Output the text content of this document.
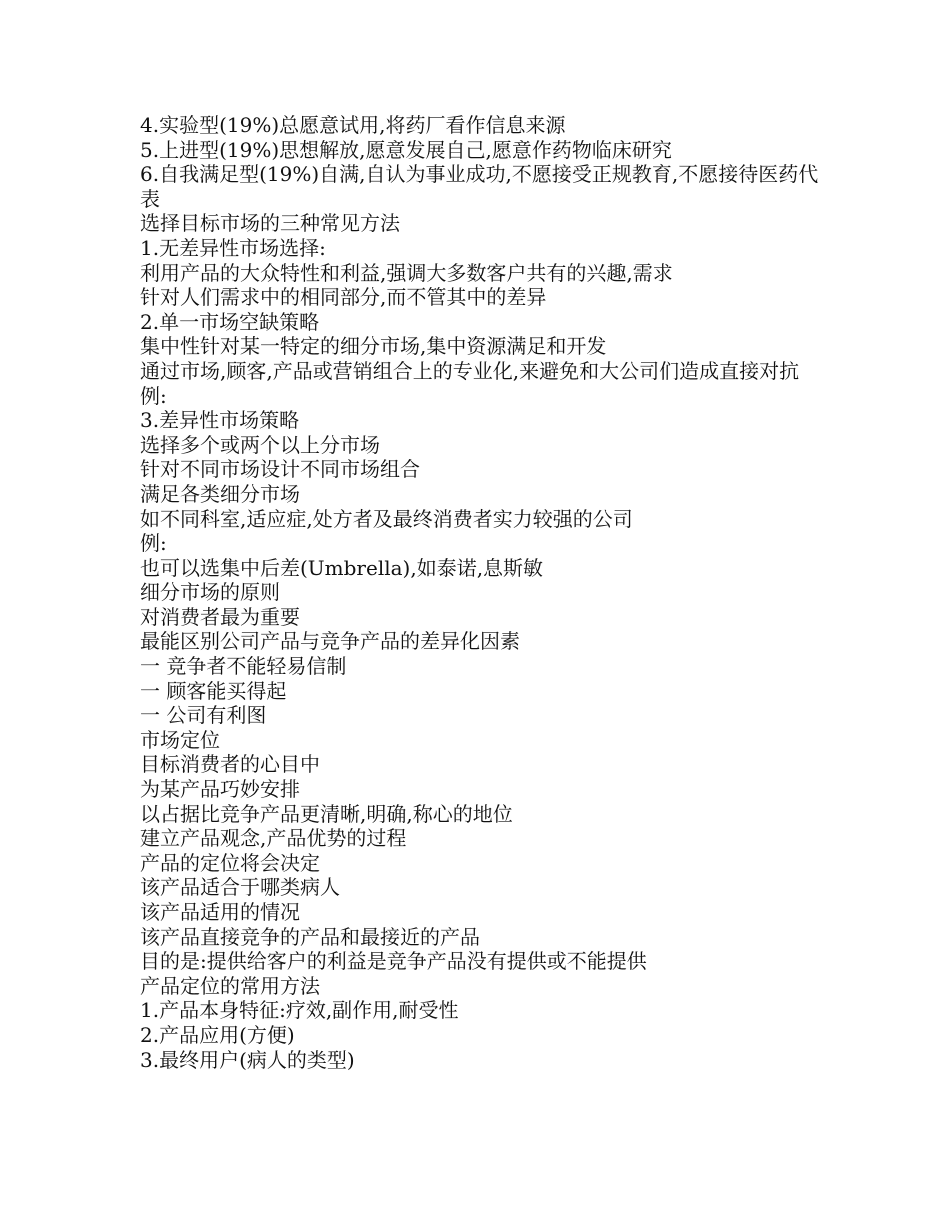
4.实验型(19%)总愿意试用,将药厂看作信息来源

5.上进型(19%)思想解放,愿意发展自己,愿意作药物临床研究

6.自我满足型(19%)自满,自认为事业成功,不愿接受正规教育,不愿接待医药代表

选择目标市场的三种常见方法

1.无差异性市场选择:

利用产品的大众特性和利益,强调大多数客户共有的兴趣,需求

针对人们需求中的相同部分,而不管其中的差异

2.单一市场空缺策略

集中性针对某一特定的细分市场,集中资源满足和开发

通过市场,顾客,产品或营销组合上的专业化,来避免和大公司们造成直接对抗

例:

3.差异性市场策略

选择多个或两个以上分市场

针对不同市场设计不同市场组合

满足各类细分市场

如不同科室,适应症,处方者及最终消费者实力较强的公司

例:

也可以选集中后差(Umbrella),如泰诺,息斯敏

细分市场的原则

对消费者最为重要

最能区别公司产品与竞争产品的差异化因素

一 竞争者不能轻易信制

一 顾客能买得起

一 公司有利图

市场定位

目标消费者的心目中

为某产品巧妙安排

以占据比竞争产品更清晰,明确,称心的地位

建立产品观念,产品优势的过程

产品的定位将会决定

该产品适合于哪类病人

该产品适用的情况

该产品直接竞争的产品和最接近的产品

目的是:提供给客户的利益是竞争产品没有提供或不能提供

产品定位的常用方法

1.产品本身特征:疗效,副作用,耐受性

2.产品应用(方便)

3.最终用户(病人的类型)
